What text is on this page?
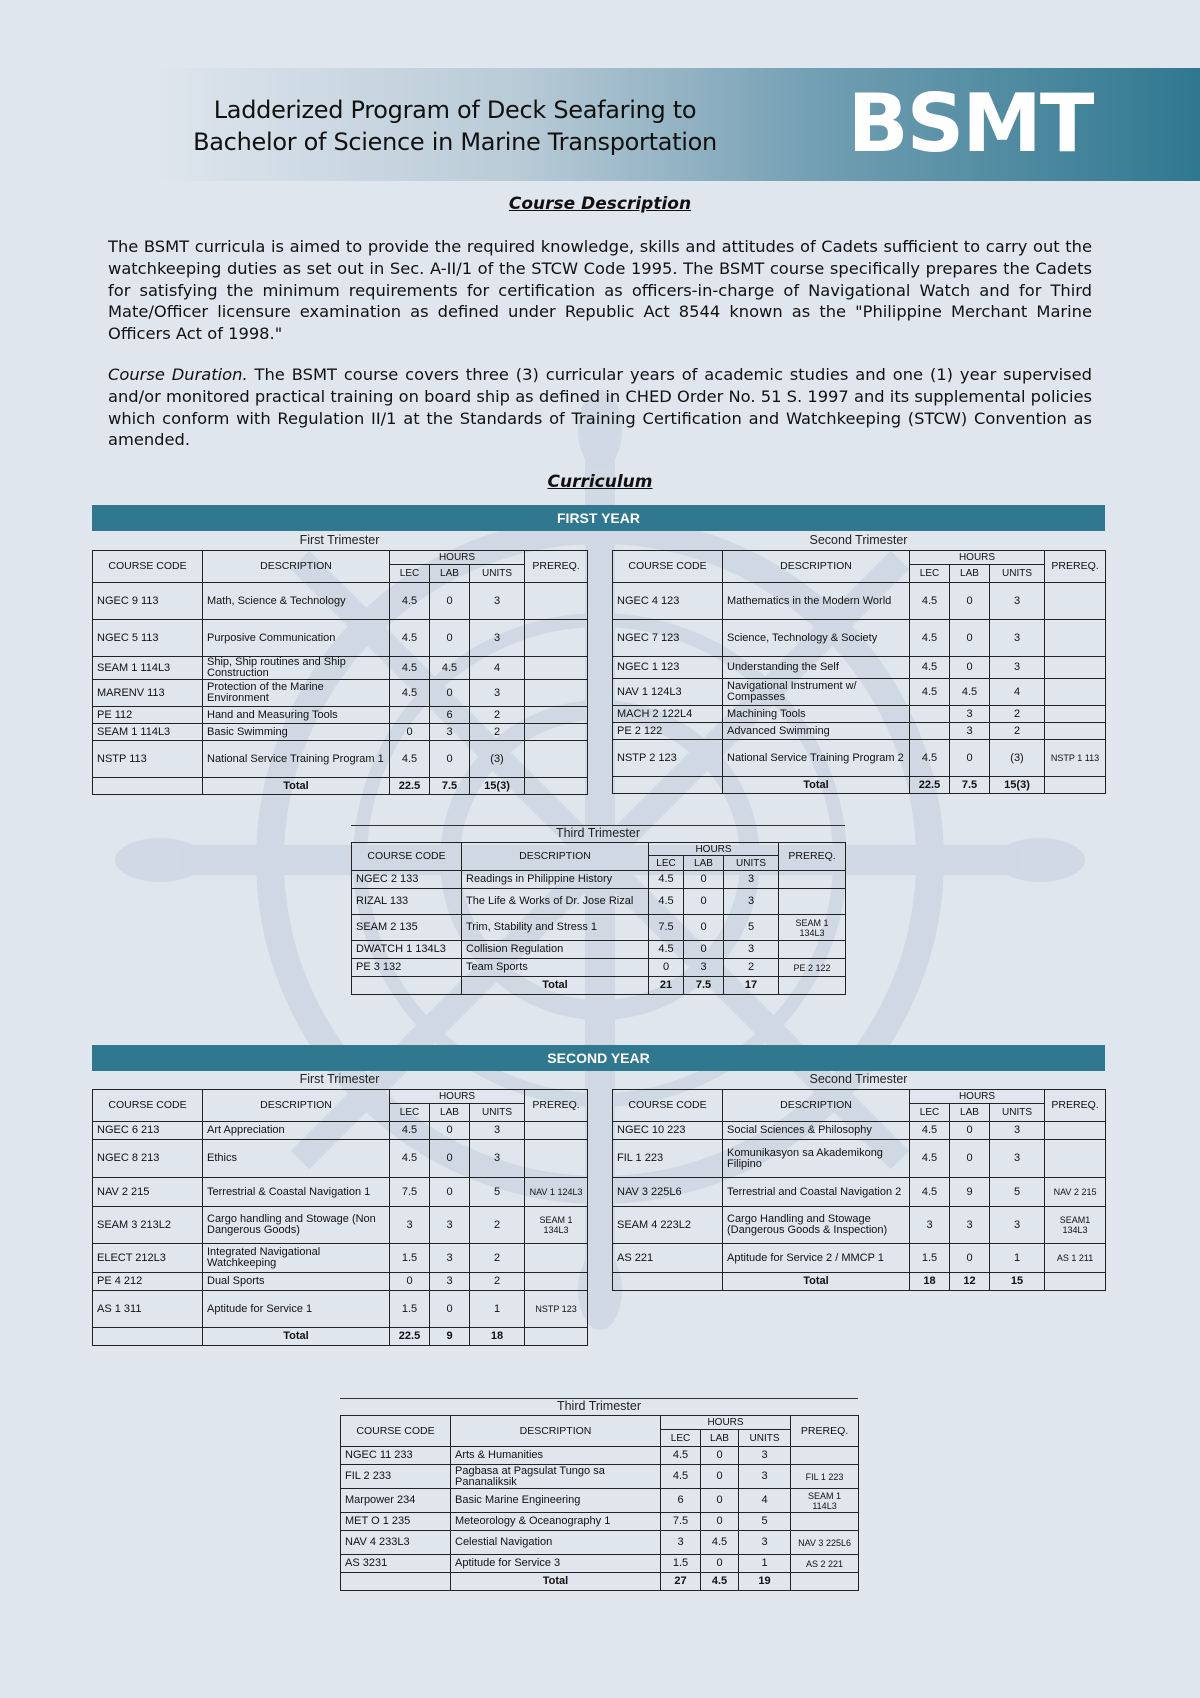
Ladderized Program of Deck Seafaring to
Bachelor of Science in Marine Transportation	BSMT
Course Description

The BSMT curricula is aimed to provide the required knowledge, skills and attitudes of Cadets sufficient to carry out the watchkeeping duties as set out in Sec. A-II/1 of the STCW Code 1995. The BSMT course specifically prepares the Cadets for satisfying the minimum requirements for certification as officers-in-charge of Navigational Watch and for Third Mate/Officer licensure examination as defined under Republic Act 8544 known as the "Philippine Merchant Marine Officers Act of 1998."

Course Duration. The BSMT course covers three (3) curricular years of academic studies and one (1) year supervised and/or monitored practical training on board ship as defined in CHED Order No. 51 S. 1997 and its supplemental policies which conform with Regulation II/1 at the Standards of Training Certification and Watchkeeping (STCW) Convention as amended.

Curriculum
FIRST YEAR
First Trimester
COURSE CODE	DESCRIPTION	HOURS			PREREQ.
		LEC	LAB	UNITS	
NGEC 9 113	Math, Science & Technology	4.5	0	3	
NGEC 5 113	Purposive Communication	4.5	0	3	
SEAM 1 114L3	Ship, Ship routines and Ship Construction	4.5	4.5	4	
MARENV 113	Protection of the Marine Environment	4.5	0	3	
PE 112	Hand and Measuring Tools		6	2	
SEAM 1 114L3	Basic Swimming	0	3	2	
NSTP 113	National Service Training Program 1	4.5	0	(3)	
	Total	22.5	7.5	15(3)	
Second Trimester
COURSE CODE	DESCRIPTION	HOURS			PREREQ.
		LEC	LAB	UNITS	
NGEC 4 123	Mathematics in the Modern World	4.5	0	3	
NGEC 7 123	Science, Technology & Society	4.5	0	3	
NGEC 1 123	Understanding the Self	4.5	0	3	
NAV 1 124L3	Navigational Instrument w/ Compasses	4.5	4.5	4	
MACH 2 122L4	Machining Tools		3	2	
PE 2 122	Advanced Swimming		3	2	
NSTP 2 123	National Service Training Program 2	4.5	0	(3)	NSTP 1 113
	Total	22.5	7.5	15(3)	
Third Trimester
COURSE CODE	DESCRIPTION	HOURS			PREREQ.
		LEC	LAB	UNITS	
NGEC 2 133	Readings in Philippine History	4.5	0	3	
RIZAL 133	The Life & Works of Dr. Jose Rizal	4.5	0	3	
SEAM 2 135	Trim, Stability and Stress 1	7.5	0	5	SEAM 1 134L3
DWATCH 1 134L3	Collision Regulation	4.5	0	3	
PE 3 132	Team Sports	0	3	2	PE 2 122
	Total	21	7.5	17	
SECOND YEAR
First Trimester
COURSE CODE	DESCRIPTION	HOURS			PREREQ.
		LEC	LAB	UNITS	
NGEC 6 213	Art Appreciation	4.5	0	3	
NGEC 8 213	Ethics	4.5	0	3	
NAV 2 215	Terrestrial & Coastal Navigation 1	7.5	0	5	NAV 1 124L3
SEAM 3 213L2	Cargo handling and Stowage (Non Dangerous Goods)	3	3	2	SEAM 1 134L3
ELECT 212L3	Integrated Navigational Watchkeeping	1.5	3	2	
PE 4 212	Dual Sports	0	3	2	
AS 1 311	Aptitude for Service 1	1.5	0	1	NSTP 123
	Total	22.5	9	18	
Second Trimester
COURSE CODE	DESCRIPTION	HOURS			PREREQ.
		LEC	LAB	UNITS	
NGEC 10 223	Social Sciences & Philosophy	4.5	0	3	
FIL 1 223	Komunikasyon sa Akademikong Filipino	4.5	0	3	
NAV 3 225L6	Terrestrial and Coastal Navigation 2	4.5	9	5	NAV 2 215
SEAM 4 223L2	Cargo Handling and Stowage (Dangerous Goods & Inspection)	3	3	3	SEAM1 134L3
AS 221	Aptitude for Service 2 / MMCP 1	1.5	0	1	AS 1 211
	Total	18	12	15	
Third Trimester
COURSE CODE	DESCRIPTION	HOURS			PREREQ.
		LEC	LAB	UNITS	
NGEC 11 233	Arts & Humanities	4.5	0	3	
FIL 2 233	Pagbasa at Pagsulat Tungo sa Pananaliksik	4.5	0	3	FIL 1 223
Marpower 234	Basic Marine Engineering	6	0	4	SEAM 1 114L3
MET O 1 235	Meteorology & Oceanography 1	7.5	0	5	
NAV 4 233L3	Celestial Navigation	3	4.5	3	NAV 3 225L6
AS 3231	Aptitude for Service 3	1.5	0	1	AS 2 221
	Total	27	4.5	19	
